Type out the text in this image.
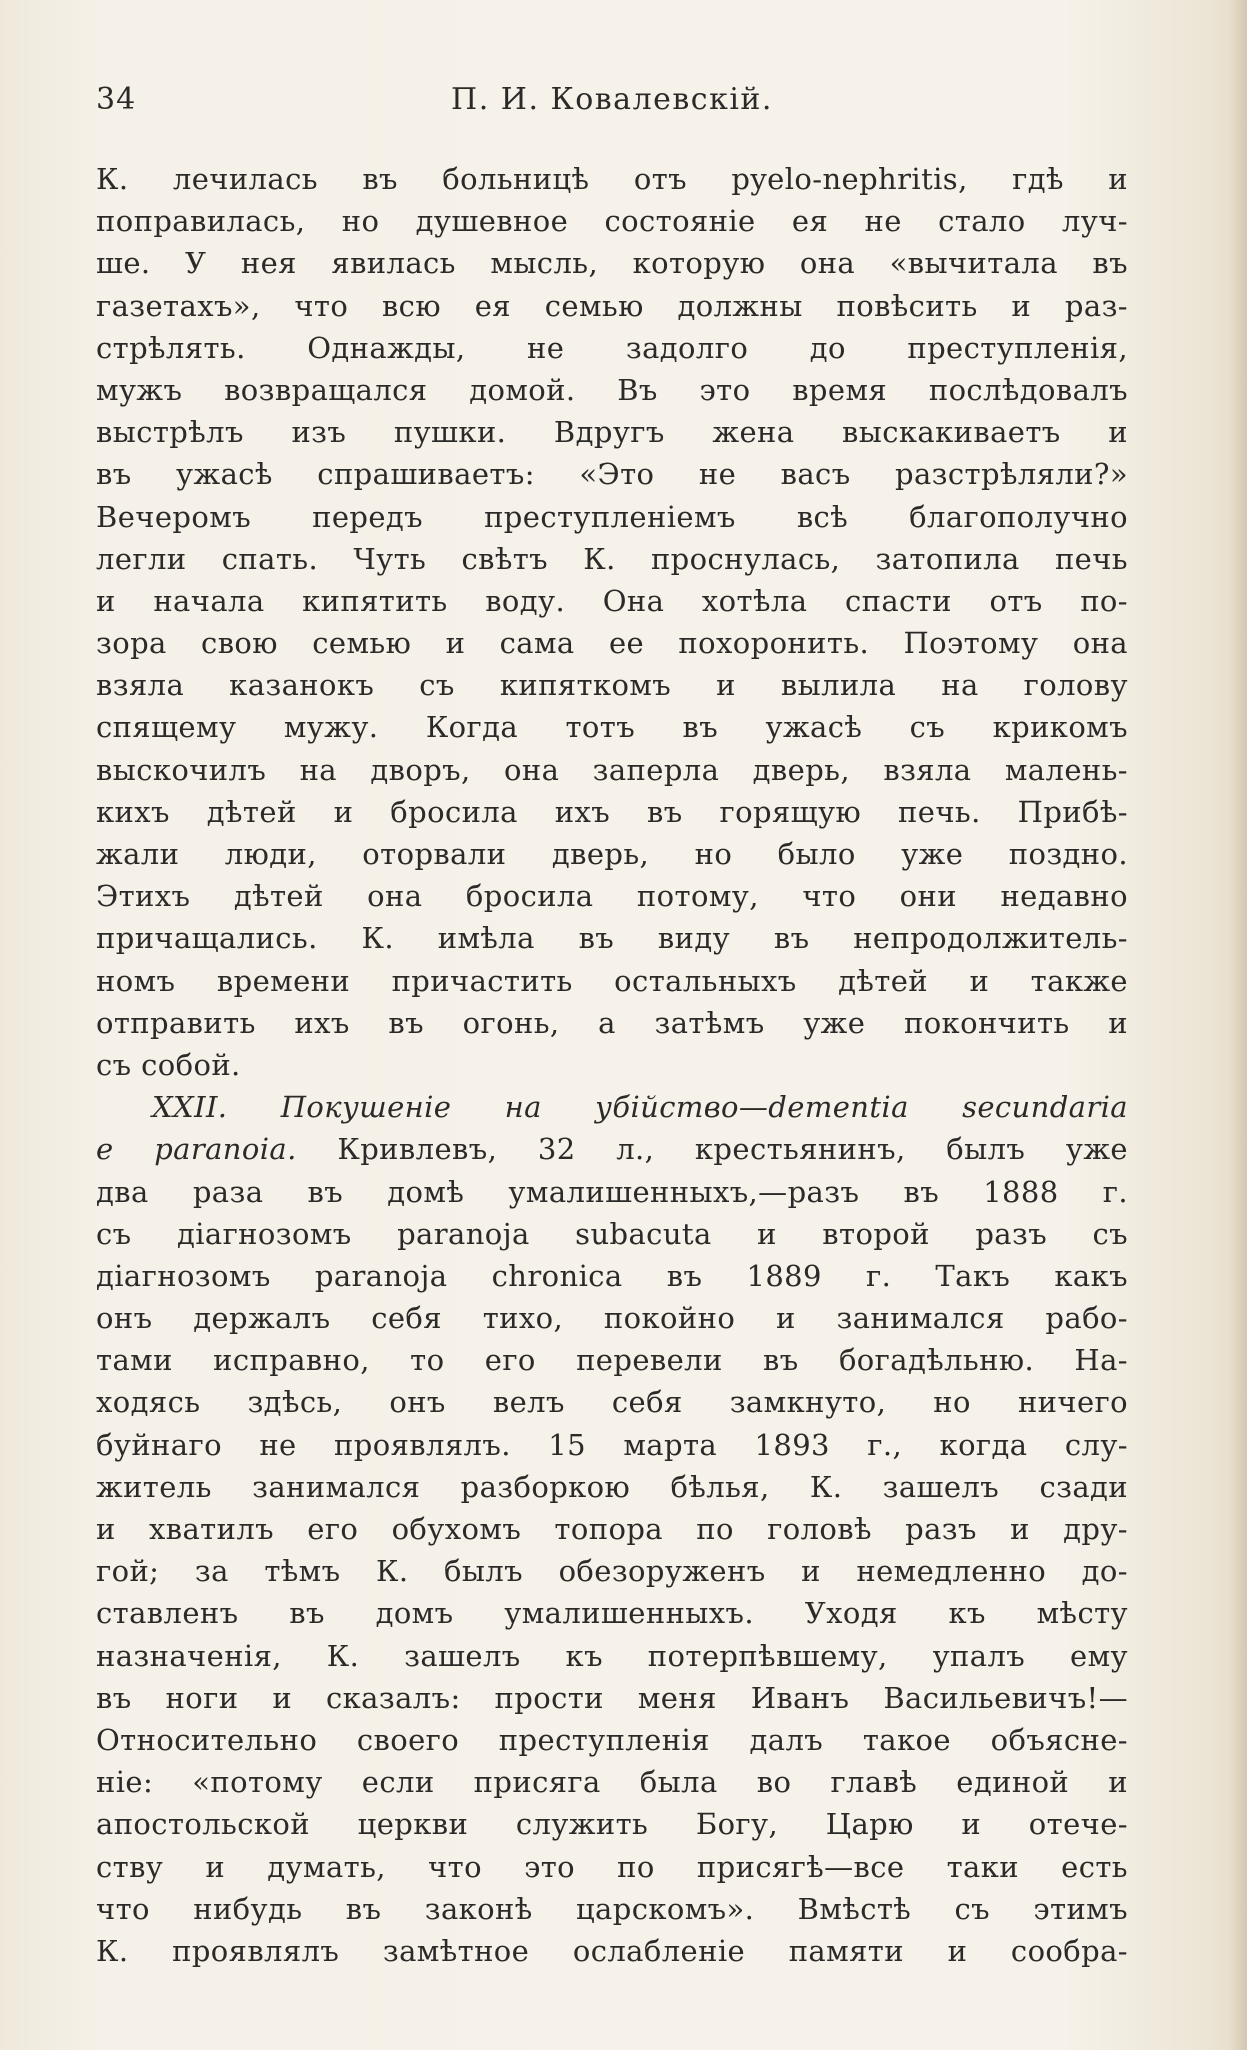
34	П. И. Ковалевскій.
К. лечилась въ больницѣ отъ pyelo-nephritis, гдѣ и
поправилась, но душевное состояніе ея не стало луч-
ше. У нея явилась мысль, которую она «вычитала въ
газетахъ», что всю ея семью должны повѣсить и раз-
стрѣлять. Однажды, не задолго до преступленія,
мужъ возвращался домой. Въ это время послѣдовалъ
выстрѣлъ изъ пушки. Вдругъ жена выскакиваетъ и
въ ужасѣ спрашиваетъ: «Это не васъ разстрѣляли?»
Вечеромъ передъ преступленіемъ всѣ благополучно
легли спать. Чуть свѣтъ К. проснулась, затопила печь
и начала кипятить воду. Она хотѣла спасти отъ по-
зора свою семью и сама ее похоронить. Поэтому она
взяла казанокъ съ кипяткомъ и вылила на голову
спящему мужу. Когда тотъ въ ужасѣ съ крикомъ
выскочилъ на дворъ, она заперла дверь, взяла малень-
кихъ дѣтей и бросила ихъ въ горящую печь. Прибѣ-
жали люди, оторвали дверь, но было уже поздно.
Этихъ дѣтей она бросила потому, что они недавно
причащались. К. имѣла въ виду въ непродолжитель-
номъ времени причастить остальныхъ дѣтей и также
отправить ихъ въ огонь, а затѣмъ уже покончить и
съ собой.
XXII. Покушеніе на убійство—dementia secundaria
e paranoia. Кривлевъ, 32 л., крестьянинъ, былъ уже
два раза въ домѣ умалишенныхъ,—разъ въ 1888 г.
съ діагнозомъ paranoja subacuta и второй разъ съ
діагнозомъ paranoja chronica въ 1889 г. Такъ какъ
онъ держалъ себя тихо, покойно и занимался рабо-
тами исправно, то его перевели въ богадѣльню. На-
ходясь здѣсь, онъ велъ себя замкнуто, но ничего
буйнаго не проявлялъ. 15 марта 1893 г., когда слу-
житель занимался разборкою бѣлья, К. зашелъ сзади
и хватилъ его обухомъ топора по головѣ разъ и дру-
гой; за тѣмъ К. былъ обезоруженъ и немедленно до-
ставленъ въ домъ умалишенныхъ. Уходя къ мѣсту
назначенія, К. зашелъ къ потерпѣвшему, упалъ ему
въ ноги и сказалъ: прости меня Иванъ Васильевичъ!—
Относительно своего преступленія далъ такое объясне-
ніе: «потому если присяга была во главѣ единой и
апостольской церкви служить Богу, Царю и отече-
ству и думать, что это по присягѣ—все таки есть
что нибудь въ законѣ царскомъ». Вмѣстѣ съ этимъ
К. проявлялъ замѣтное ослабленіе памяти и сообра-
